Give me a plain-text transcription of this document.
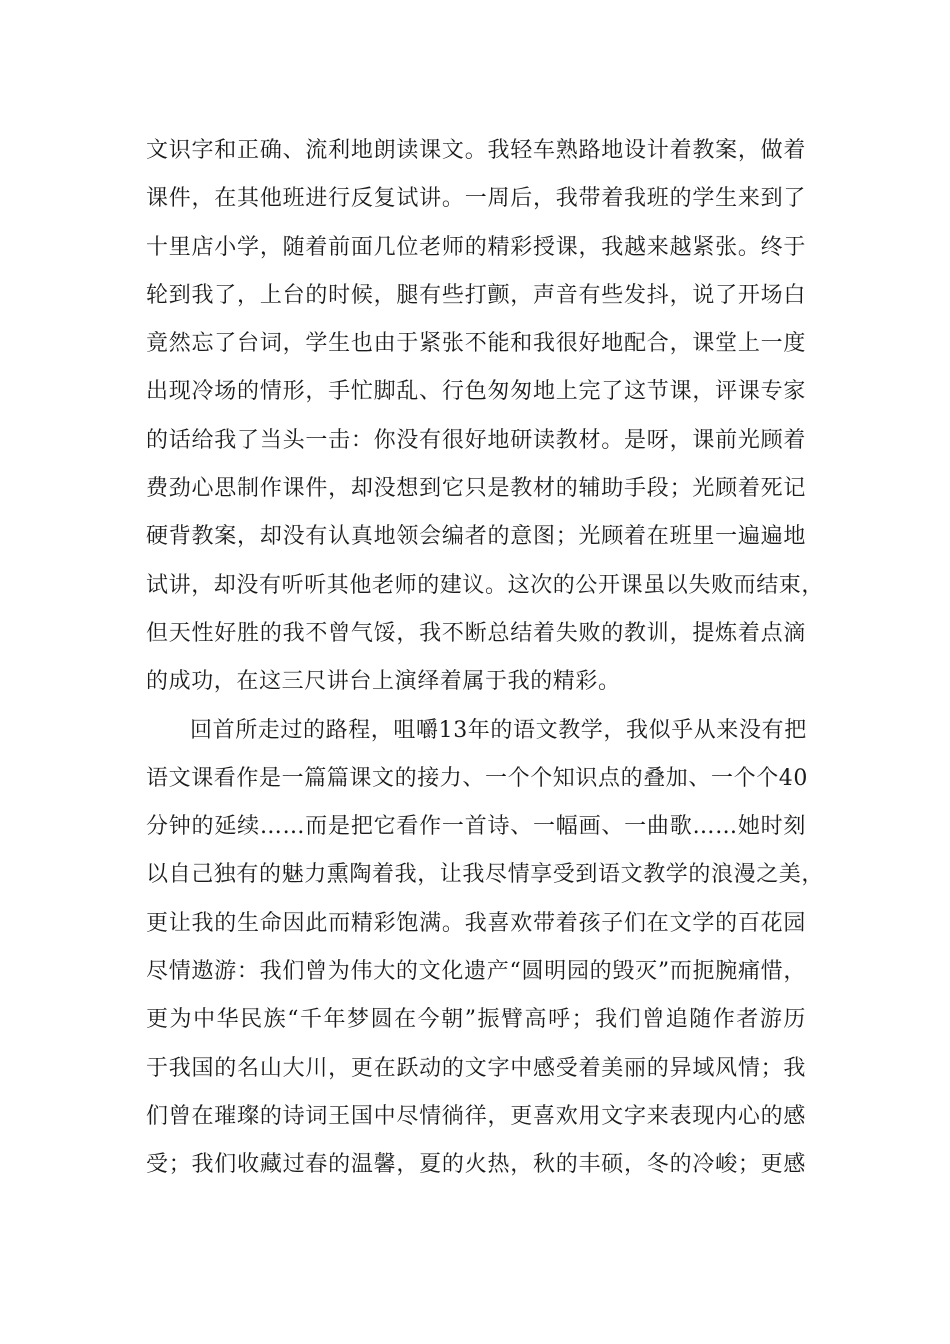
文识字和正确、流利地朗读课文。我轻车熟路地设计着教案，做着
课件，在其他班进行反复试讲。一周后，我带着我班的学生来到了
十里店小学，随着前面几位老师的精彩授课，我越来越紧张。终于
轮到我了，上台的时候，腿有些打颤，声音有些发抖，说了开场白
竟然忘了台词，学生也由于紧张不能和我很好地配合，课堂上一度
出现冷场的情形，手忙脚乱、行色匆匆地上完了这节课，评课专家
的话给我了当头一击：你没有很好地研读教材。是呀，课前光顾着
费劲心思制作课件，却没想到它只是教材的辅助手段；光顾着死记
硬背教案，却没有认真地领会编者的意图；光顾着在班里一遍遍地
试讲，却没有听听其他老师的建议。这次的公开课虽以失败而结束，
但天性好胜的我不曾气馁，我不断总结着失败的教训，提炼着点滴
的成功，在这三尺讲台上演绎着属于我的精彩。
回首所走过的路程，咀嚼13年的语文教学，我似乎从来没有把
语文课看作是一篇篇课文的接力、一个个知识点的叠加、一个个40
分钟的延续……而是把它看作一首诗、一幅画、一曲歌……她时刻
以自己独有的魅力熏陶着我，让我尽情享受到语文教学的浪漫之美，
更让我的生命因此而精彩饱满。我喜欢带着孩子们在文学的百花园
尽情遨游：我们曾为伟大的文化遗产“圆明园的毁灭”而扼腕痛惜，
更为中华民族“千年梦圆在今朝”振臂高呼；我们曾追随作者游历
于我国的名山大川，更在跃动的文字中感受着美丽的异域风情；我
们曾在璀璨的诗词王国中尽情徜徉，更喜欢用文字来表现内心的感
受；我们收藏过春的温馨，夏的火热，秋的丰硕，冬的冷峻；更感
